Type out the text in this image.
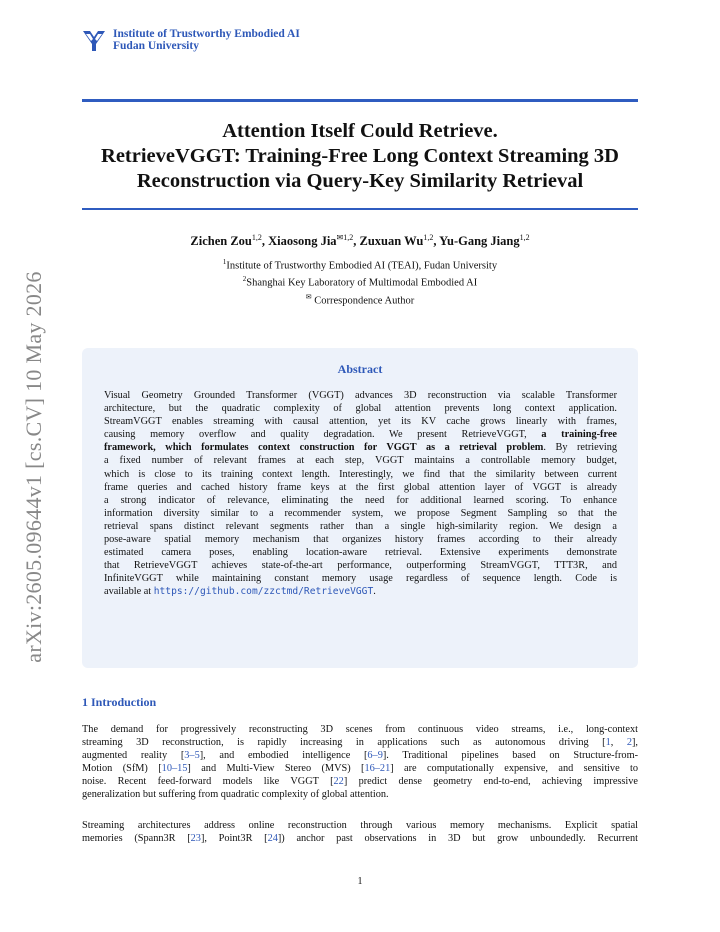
Institute of Trustworthy Embodied AI
Fudan University
Attention Itself Could Retrieve.
RetrieveVGGT: Training-Free Long Context Streaming 3D
Reconstruction via Query-Key Similarity Retrieval
Zichen Zou$^{1,2}$, Xiaosong Jia$^{✉1,2}$, Zuxuan Wu$^{1,2}$, Yu-Gang Jiang$^{1,2}$
$^1$Institute of Trustworthy Embodied AI (TEAI), Fudan University
$^2$Shanghai Key Laboratory of Multimodal Embodied AI
✉ Correspondence Author
arXiv:2605.09644v1 [cs.CV] 10 May 2026	Abstract
Visual Geometry Grounded Transformer (VGGT) advances 3D reconstruction via scalable Transformer
architecture, but the quadratic complexity of global attention prevents long context application.
StreamVGGT enables streaming with causal attention, yet its KV cache grows linearly with frames,
causing memory overflow and quality degradation. We present RetrieveVGGT, a training-free
framework, which formulates context construction for VGGT as a retrieval problem. By retrieving
a fixed number of relevant frames at each step, VGGT maintains a controllable memory budget,
which is close to its training context length. Interestingly, we find that the similarity between current
frame queries and cached history frame keys at the first global attention layer of VGGT is already
a strong indicator of relevance, eliminating the need for additional learned scoring. To enhance
information diversity similar to a recommender system, we propose Segment Sampling so that the
retrieval spans distinct relevant segments rather than a single high-similarity region. We design a
pose-aware spatial memory mechanism that organizes history frames according to their already
estimated camera poses, enabling location-aware retrieval. Extensive experiments demonstrate
that RetrieveVGGT achieves state-of-the-art performance, outperforming StreamVGGT, TTT3R, and
InfiniteVGGT while maintaining constant memory usage regardless of sequence length. Code is
available at https://github.com/zzctmd/RetrieveVGGT.
1 Introduction
The demand for progressively reconstructing 3D scenes from continuous video streams, i.e., long-context
streaming 3D reconstruction, is rapidly increasing in applications such as autonomous driving [1, 2],
augmented reality [3–5], and embodied intelligence [6–9]. Traditional pipelines based on Structure-from-
Motion (SfM) [10–15] and Multi-View Stereo (MVS) [16–21] are computationally expensive, and sensitive to
noise. Recent feed-forward models like VGGT [22] predict dense geometry end-to-end, achieving impressive
generalization but suffering from quadratic complexity of global attention.
Streaming architectures address online reconstruction through various memory mechanisms. Explicit spatial
memories (Spann3R [23], Point3R [24]) anchor past observations in 3D but grow unboundedly. Recurrent
1
